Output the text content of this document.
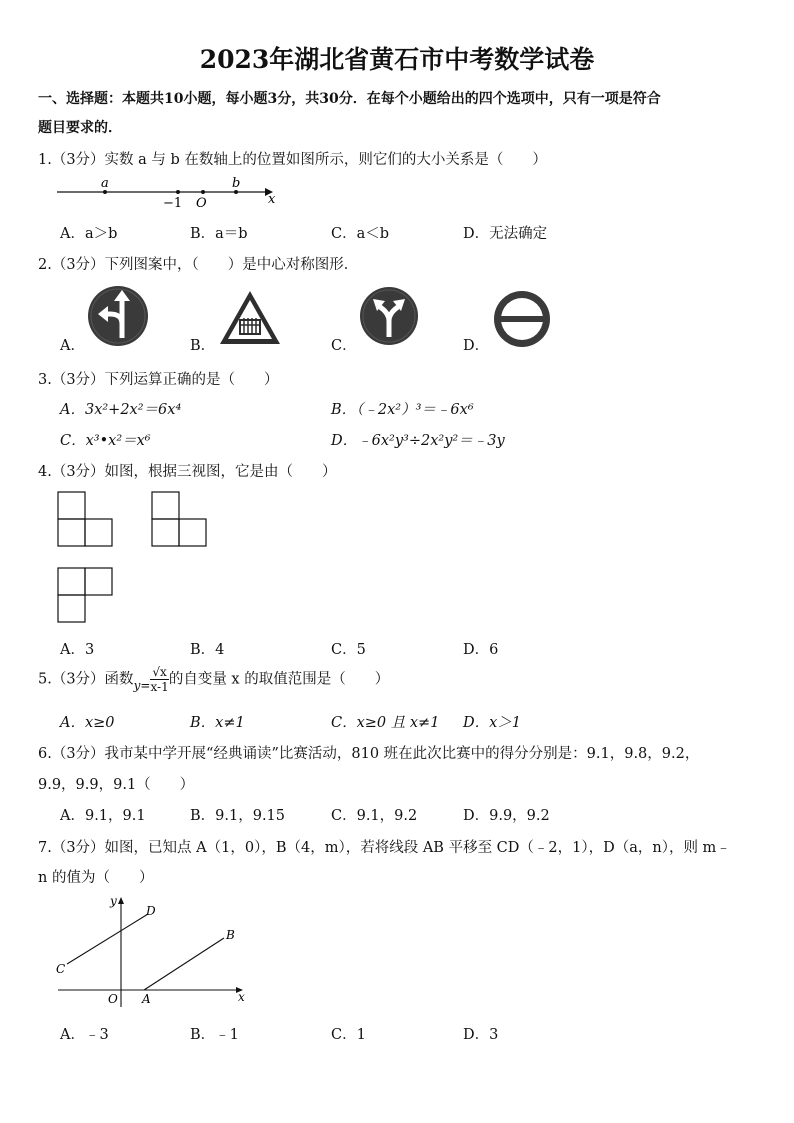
2023年湖北省黄石市中考数学试卷
一、选择题：本题共10小题，每小题3分，共30分．在每个小题给出的四个选项中，只有一项是符合
题目要求的．
1.（3分）实数 a 与 b 在数轴上的位置如图所示，则它们的大小关系是（　　）
a	b
−1 O	x
A．a＞b	B．a＝b	C．a＜b	D．无法确定
2.（3分）下列图案中，（　　）是中心对称图形．
A．	B．	C．	D．
3.（3分）下列运算正确的是（　　）
A．3x²+2x²＝6x⁴	B．（﹣2x²）³＝﹣6x⁶
C．x³•x²＝x⁶	D．﹣6x²y³÷2x²y²＝﹣3y
4.（3分）如图，根据三视图，它是由（　　）
A．3	B．4	C．5	D．6
5.（3分）函数$_{y=} \frac{√x}{x-1}$ 的自变量 x 的取值范围是（　　）
A．x≥0	B．x≠1	C．x≥0 且 x≠1 D．x＞1
6.（3分）我市某中学开展“经典诵读”比赛活动，810 班在此次比赛中的得分分别是：9.1，9.8，9.2，
9.9，9.9，9.1（　　）
A．9.1，9.1	B．9.1，9.15	C．9.1，9.2	D．9.9，9.2
7.（3分）如图，已知点 A（1，0），B（4，m），若将线段 AB 平移至 CD（﹣2，1），D（a，n），则 m﹣
n 的值为（　　）
y
x
O A
B
C
D
A．﹣3	B．﹣1	C．1	D．3
